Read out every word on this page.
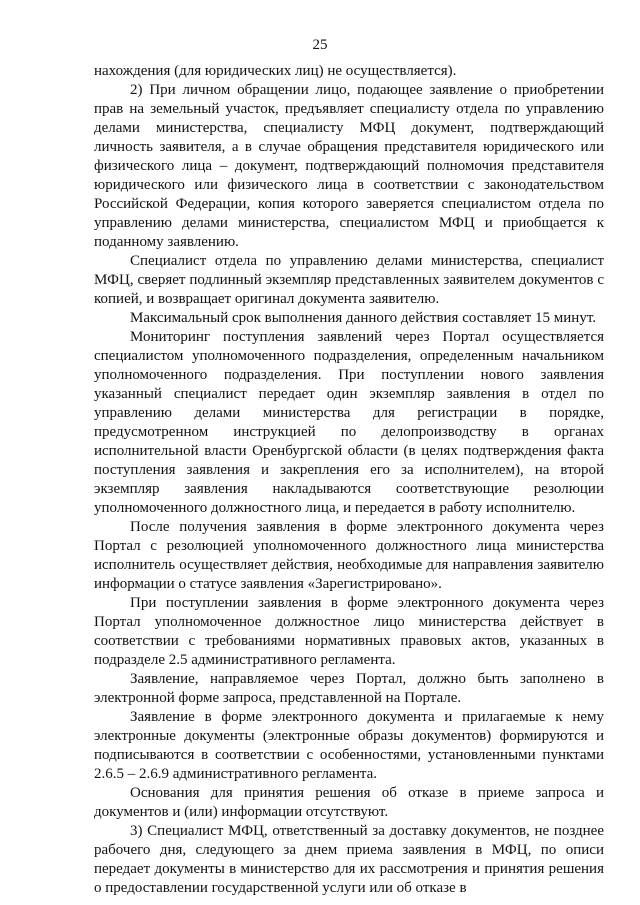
25

нахождения (для юридических лиц) не осуществляется).

2) При личном обращении лицо, подающее заявление о приобретении прав на земельный участок, предъявляет специалисту отдела по управлению делами министерства, специалисту МФЦ документ, подтверждающий личность заявителя, а в случае обращения представителя юридического или физического лица – документ, подтверждающий полномочия представителя юридического или физического лица в соответствии с законодательством Российской Федерации, копия которого заверяется специалистом отдела по управлению делами министерства, специалистом МФЦ и приобщается к поданному заявлению.

Специалист отдела по управлению делами министерства, специалист МФЦ, сверяет подлинный экземпляр представленных заявителем документов с копией, и возвращает оригинал документа заявителю.

Максимальный срок выполнения данного действия составляет 15 минут.

Мониторинг поступления заявлений через Портал осуществляется специалистом уполномоченного подразделения, определенным начальником уполномоченного подразделения. При поступлении нового заявления указанный специалист передает один экземпляр заявления в отдел по управлению делами министерства для регистрации в порядке, предусмотренном инструкцией по делопроизводству в органах исполнительной власти Оренбургской области (в целях подтверждения факта поступления заявления и закрепления его за исполнителем), на второй экземпляр заявления накладываются соответствующие резолюции уполномоченного должностного лица, и передается в работу исполнителю.

После получения заявления в форме электронного документа через Портал с резолюцией уполномоченного должностного лица министерства исполнитель осуществляет действия, необходимые для направления заявителю информации о статусе заявления «Зарегистрировано».

При поступлении заявления в форме электронного документа через Портал уполномоченное должностное лицо министерства действует в соответствии с требованиями нормативных правовых актов, указанных в подразделе 2.5 административного регламента.

Заявление, направляемое через Портал, должно быть заполнено в электронной форме запроса, представленной на Портале.

Заявление в форме электронного документа и прилагаемые к нему электронные документы (электронные образы документов) формируются и подписываются в соответствии с особенностями, установленными пунктами 2.6.5 – 2.6.9 административного регламента.

Основания для принятия решения об отказе в приеме запроса и документов и (или) информации отсутствуют.

3) Специалист МФЦ, ответственный за доставку документов, не позднее рабочего дня, следующего за днем приема заявления в МФЦ, по описи передает документы в министерство для их рассмотрения и принятия решения о предоставлении государственной услуги или об отказе в
